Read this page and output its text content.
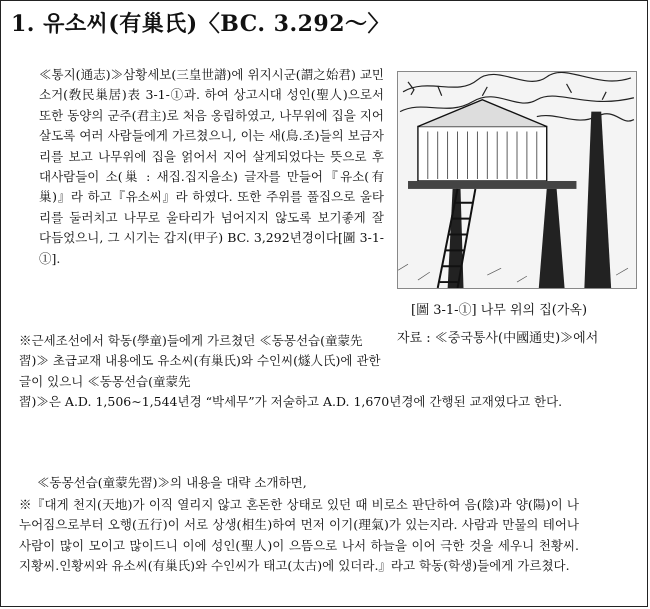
1. 유소씨(有巢氏)〈BC. 3.292〜〉
≪통지(通志)≫삼황세보(三皇世譜)에 위지시군(謂之始君) 교민소거(敎民巢居)表 3-1-①과. 하여 상고시대 성인(聖人)으로서 또한 동양의 군주(君主)로 처음 옹립하였고, 나무위에 집을 지어 살도록 여러 사람들에게 가르쳤으니, 이는 새(鳥.조)들의 보금자리를 보고 나무위에 집을 얽어서 지어 살게되었다는 뜻으로 후대사람들이 소(巢 : 새집.집지을소) 글자를 만들어『유소(有巢)』라 하고『유소씨』라 하였다. 또한 주위를 풀집으로 울타리를 둘러치고 나무로 울타리가 넘어지지 않도록 보기좋게 잘 다듬었으니, 그 시기는 갑지(甲子) BC. 3,292년경이다[圖 3-1-①].
[圖 3-1-①] 나무 위의 집(가옥)
자료 : ≪중국통사(中國通史)≫에서
※근세조선에서 학동(學童)들에게 가르쳤던 ≪동몽선습(童蒙先習)≫ 초급교재 내용에도 유소씨(有巢氏)와 수인씨(燧人氏)에 관한 글이 있으니 ≪동몽선습(童蒙先
習)≫은 A.D. 1,506∼1,544년경 “박세무”가 저술하고 A.D. 1,670년경에 간행된 교재였다고 한다.
≪동몽선습(童蒙先習)≫의 내용을 대략 소개하면,
※『대게 천지(天地)가 이직 열리지 않고 혼돈한 상태로 있던 때 비로소 판단하여 음(陰)과 양(陽)이 나누어짐으로부터 오행(五行)이 서로 상생(相生)하여 먼저 이기(理氣)가 있는지라. 사람과 만물의 테어나 사람이 많이 모이고 많이드니 이에 성인(聖人)이 으뜸으로 나서 하늘을 이어 극한 것을 세우니 천황씨.지황씨.인황씨와 유소씨(有巢氏)와 수인씨가 태고(太古)에 있더라.』라고 학동(학생)들에게 가르쳤다.
